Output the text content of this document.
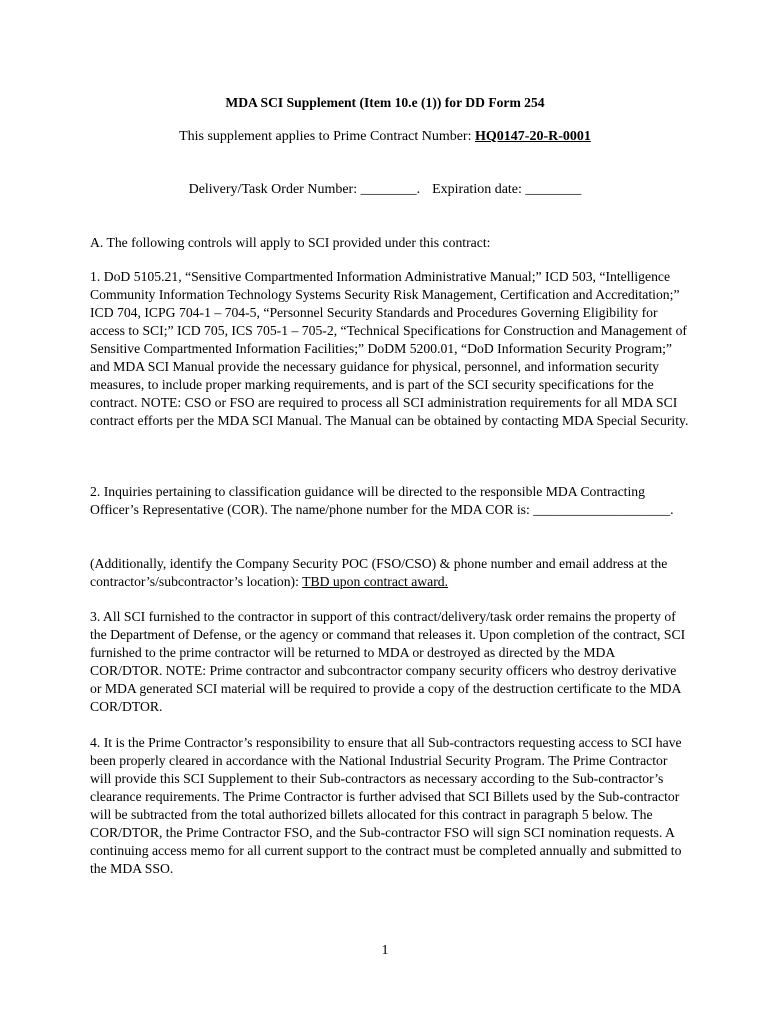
MDA SCI Supplement (Item 10.e (1)) for DD Form 254
This supplement applies to Prime Contract Number: HQ0147-20-R-0001
Delivery/Task Order Number: ________. Expiration date: ________

A. The following controls will apply to SCI provided under this contract:

1. DoD 5105.21, “Sensitive Compartmented Information Administrative Manual;” ICD 503, “Intelligence Community Information Technology Systems Security Risk Management, Certification and Accreditation;” ICD 704, ICPG 704-1 – 704-5, “Personnel Security Standards and Procedures Governing Eligibility for access to SCI;” ICD 705, ICS 705-1 – 705-2, “Technical Specifications for Construction and Management of Sensitive Compartmented Information Facilities;” DoDM 5200.01, “DoD Information Security Program;” and MDA SCI Manual provide the necessary guidance for physical, personnel, and information security measures, to include proper marking requirements, and is part of the SCI security specifications for the contract. NOTE: CSO or FSO are required to process all SCI administration requirements for all MDA SCI contract efforts per the MDA SCI Manual. The Manual can be obtained by contacting MDA Special Security.

2. Inquiries pertaining to classification guidance will be directed to the responsible MDA Contracting Officer’s Representative (COR). The name/phone number for the MDA COR is: ____________________.

(Additionally, identify the Company Security POC (FSO/CSO) & phone number and email address at the contractor’s/subcontractor’s location): TBD upon contract award.

3. All SCI furnished to the contractor in support of this contract/delivery/task order remains the property of the Department of Defense, or the agency or command that releases it. Upon completion of the contract, SCI furnished to the prime contractor will be returned to MDA or destroyed as directed by the MDA COR/DTOR. NOTE: Prime contractor and subcontractor company security officers who destroy derivative or MDA generated SCI material will be required to provide a copy of the destruction certificate to the MDA COR/DTOR.

4. It is the Prime Contractor’s responsibility to ensure that all Sub-contractors requesting access to SCI have been properly cleared in accordance with the National Industrial Security Program. The Prime Contractor will provide this SCI Supplement to their Sub-contractors as necessary according to the Sub-contractor’s clearance requirements. The Prime Contractor is further advised that SCI Billets used by the Sub-contractor will be subtracted from the total authorized billets allocated for this contract in paragraph 5 below. The COR/DTOR, the Prime Contractor FSO, and the Sub-contractor FSO will sign SCI nomination requests. A continuing access memo for all current support to the contract must be completed annually and submitted to the MDA SSO.

1
